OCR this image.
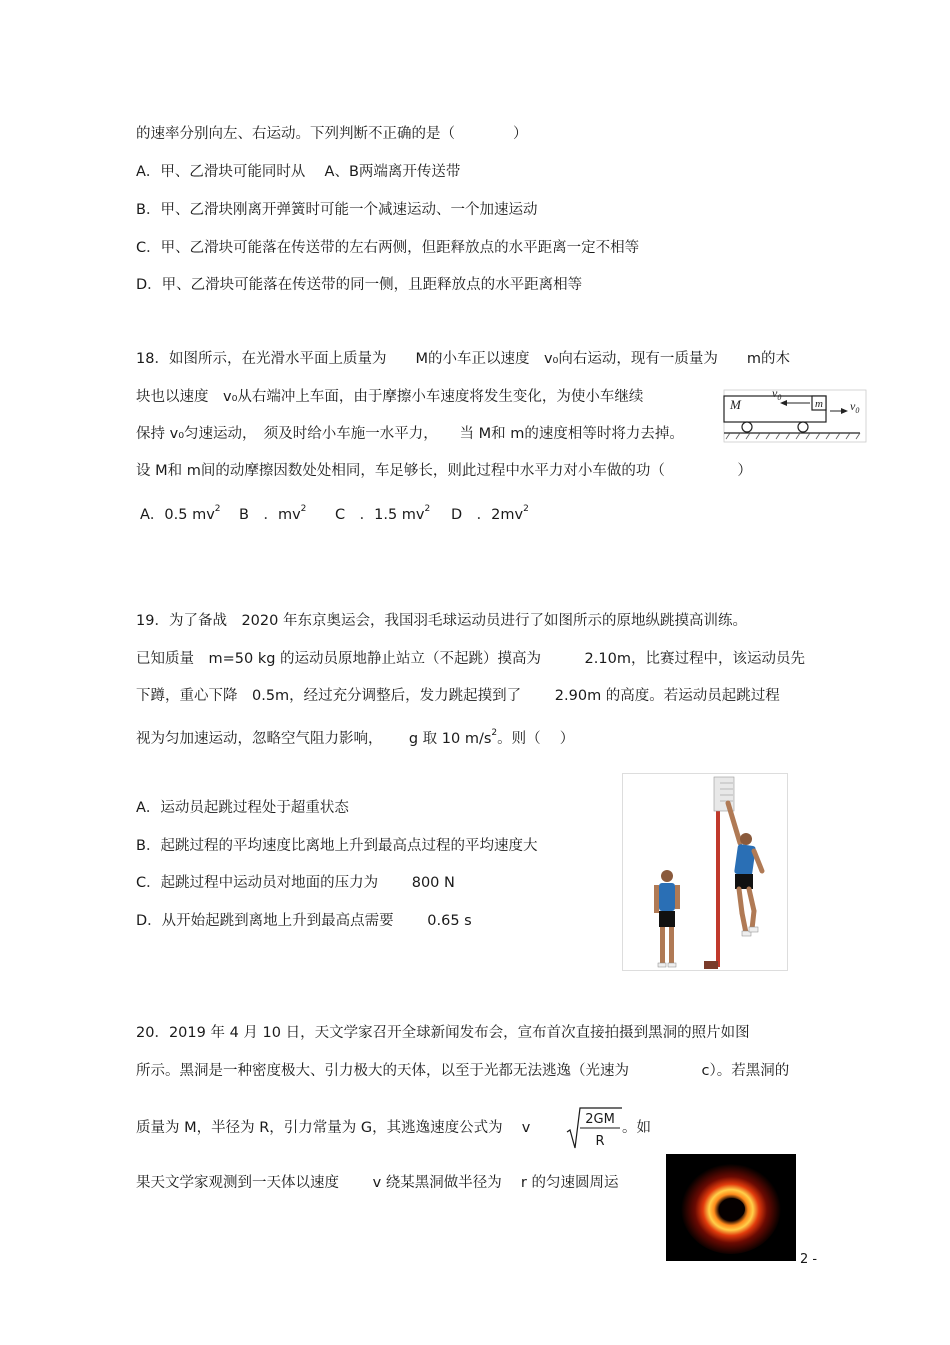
的速率分别向左、右运动。下列判断不正确的是（　　　　	）
A．甲、乙滑块可能同时从　 A、B两端离开传送带
B．甲、乙滑块刚离开弹簧时可能一个减速运动、一个加速运动
C．甲、乙滑块可能落在传送带的左右两侧，但距释放点的水平距离一定不相等
D．甲、乙滑块可能落在传送带的同一侧，且距释放点的水平距离相等
18．如图所示，在光滑水平面上质量为　　M的小车正以速度　v₀向右运动，现有一质量为　　m的木
块也以速度　v₀从右端冲上车面，由于摩擦小车速度将发生变化，为使小车继续
保持 v₀匀速运动，　须及时给小车施一水平力，　　当 M和 m的速度相等时将力去掉。
设 M和 m间的动摩擦因数处处相同，车足够长，则此过程中水平力对小车做的功（　　　　　）
A．0.5 $mv^2$ B　．$mv^2$ C　．1.5 $mv^2$ D　．$2mv^2$
M	m
$v_0$
$v_0$
19．为了备战　2020 年东京奥运会，我国羽毛球运动员进行了如图所示的原地纵跳摸高训练。
已知质量　m=50 kg 的运动员原地静止站立（不起跳）摸高为　　　2.10m，比赛过程中，该运动员先
下蹲，重心下降　0.5m，经过充分调整后，发力跳起摸到了　　 2.90m 的高度。若运动员起跳过程
视为匀加速运动，忽略空气阻力影响，　　 g 取 10 $m/s^2$。则（　 ）
A．运动员起跳过程处于超重状态
B．起跳过程的平均速度比离地上升到最高点过程的平均速度大
C．起跳过程中运动员对地面的压力为　　 800 N
D．从开始起跳到离地上升到最高点需要　　 0.65 s
20．2019 年 4 月 10 日，天文学家召开全球新闻发布会，宣布首次直接拍摄到黑洞的照片如图
所示。黑洞是一种密度极大、引力极大的天体，以至于光都无法逃逸（光速为　　　　　c）。若黑洞的
质量为 M，半径为 R，引力常量为 G，其逃逸速度公式为　 v
2GM
R
。如
果天文学家观测到一天体以速度　　 v 绕某黑洞做半径为　 r 的匀速圆周运
2 -
